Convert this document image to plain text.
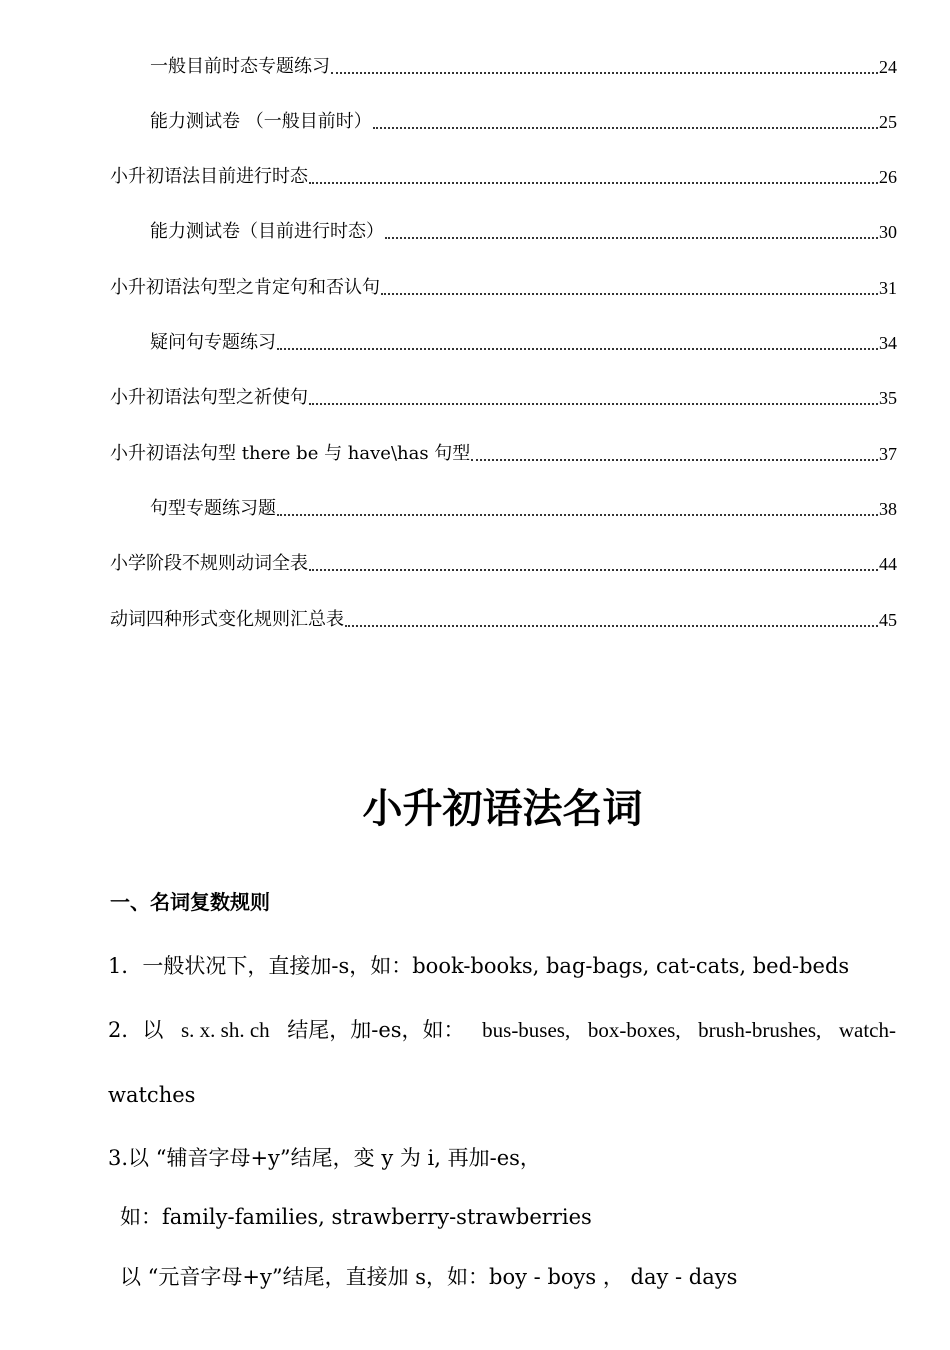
一般目前时态专题练习	24
能力测试卷 （一般目前时）	25
小升初语法目前进行时态	26
能力测试卷（目前进行时态）	30
小升初语法句型之肯定句和否认句	31
疑问句专题练习	34
小升初语法句型之祈使句	35
小升初语法句型 there be 与 have\has 句型	37
句型专题练习题	38
小学阶段不规则动词全表	44
动词四种形式变化规则汇总表	45
小升初语法名词
一、名词复数规则
1．一般状况下，直接加-s，如：book-books, bag-bags, cat-cats, bed-beds
2．以 s. x. sh. ch 结尾，加-es，如： bus-buses, box-boxes, brush-brushes, watch-
watches
3.以 “辅音字母+y”结尾，变 y 为 i, 再加-es，
如：family-families, strawberry-strawberries
以 “元音字母+y”结尾，直接加 s，如：boy - boys ， day - days
